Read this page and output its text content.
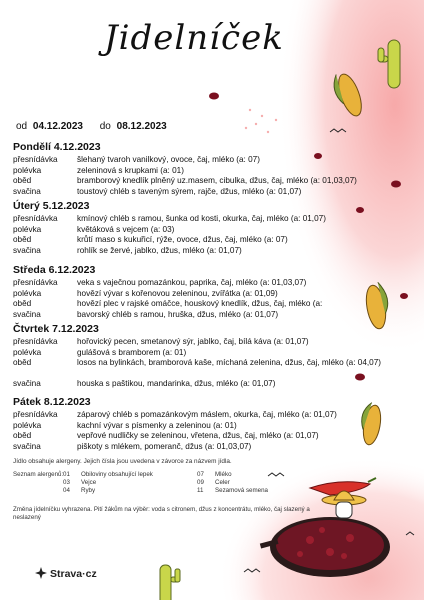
Jidelníček
od 04.12.2023 do 08.12.2023
Pondělí 4.12.2023
přesnídávka	šlehaný tvaroh vanilkový, ovoce, čaj, mléko (a: 07)
polévka	zeleninová s krupkami (a: 01)
oběd	bramborový knedlík plněný uz.masem, cibulka, džus, čaj, mléko (a: 01,03,07)
svačina	toustový chléb s taveným sýrem, rajče, džus, mléko (a: 01,07)
Úterý 5.12.2023
přesnídávka	kmínový chléb s ramou, šunka od kosti, okurka, čaj, mléko (a: 01,07)
polévka	květáková s vejcem (a: 03)
oběd	krůtí maso s kukuřicí, rýže, ovoce, džus, čaj, mléko (a: 07)
svačina	rohlík se žervé, jablko, džus, mléko (a: 01,07)
Středa 6.12.2023
přesnídávka	veka s vaječnou pomazánkou, paprika, čaj, mléko (a: 01,03,07)
polévka	hovězí vývar s kořenovou zeleninou, zvířátka (a: 01,09)
oběd	hovězí plec v rajské omáčce, houskový knedlík, džus, čaj, mléko (a:
svačina	bavorský chléb s ramou, hruška, džus, mléko (a: 01,07)
Čtvrtek 7.12.2023
přesnídávka	hořovický pecen, smetanový sýr, jablko, čaj, bílá káva (a: 01,07)
polévka	gulášová s bramborem (a: 01)
oběd	losos na bylinkách, bramborová kaše, míchaná zelenina, džus, čaj, mléko (a: 04,07)
svačina	houska s paštikou, mandarinka, džus, mléko (a: 01,07)
Pátek 8.12.2023
přesnídávka	záparový chléb s pomazánkovým máslem, okurka, čaj, mléko (a: 01,07)
polévka	kachní vývar s písmenky a zeleninou (a: 01)
oběd	vepřové nudličky se zeleninou, vřetena, džus, čaj, mléko (a: 01,07)
svačina	piškoty s mlékem, pomeranč, džus (a: 01,03,07)
Jídlo obsahuje alergeny. Jejich čísla jsou uvedena v závorce za názvem jídla.
Seznam alergenů: 01 Obiloviny obsahující lepek
03 Vejce
04 Ryby
07 Mléko
09 Celer
11 Sezamová semena
Změna jídelníčku vyhrazena. Pití žákům na výběr: voda s citronem, džus z koncentrátu, mléko, čaj slazený a neslazený
Strava·cz
